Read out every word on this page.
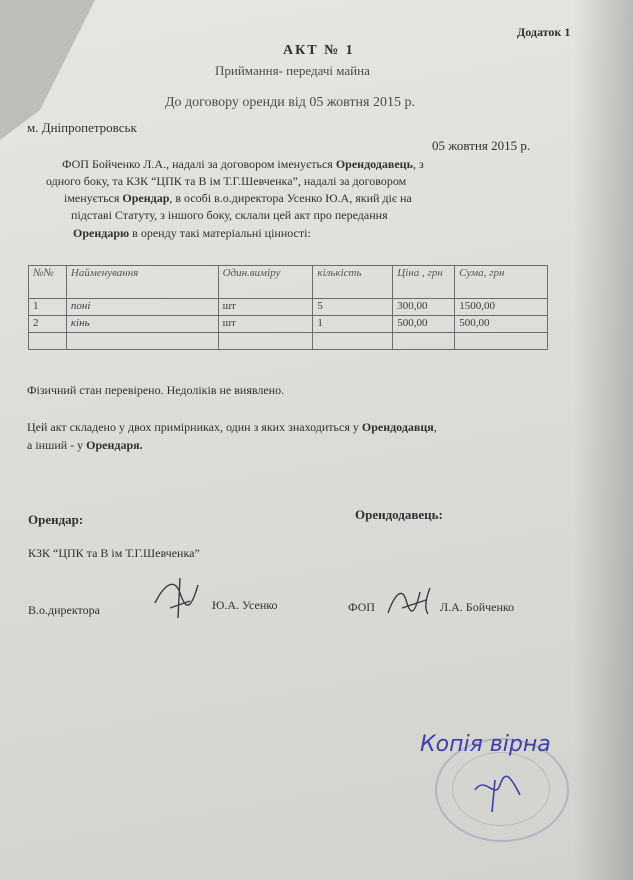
Додаток 1
АКТ № 1
Приймання- передачі майна
До договору оренди від 05 жовтня 2015 р.
м. Дніпропетровськ
05 жовтня 2015 р.
ФОП Бойченко Л.А., надалі за договором іменується Орендодавець, з
одного боку, та КЗК “ЦПК та В ім Т.Г.Шевченка”, надалі за договором
іменується Орендар, в особі в.о.директора Усенко Ю.А, який діє на
підставі Статуту, з іншого боку, склали цей акт про передання
Орендарю в оренду такі матеріальні цінності:
№№	Найменування	Один.виміру	кількість	Ціна , грн	Сума, грн
1	поні	шт	5	300,00	1500,00
2	кінь	шт	1	500,00	500,00

Фізичний стан перевірено. Недоліків не виявлено.
Цей акт складено у двох примірниках, один з яких знаходиться у Орендодавця,
а інший - у Орендаря.
Орендар:	Орендодавець:
КЗК “ЦПК та В ім Т.Г.Шевченка”
В.о.директора	Ю.А. Усенко	ФОП	Л.А. Бойченко
Копія вірна
